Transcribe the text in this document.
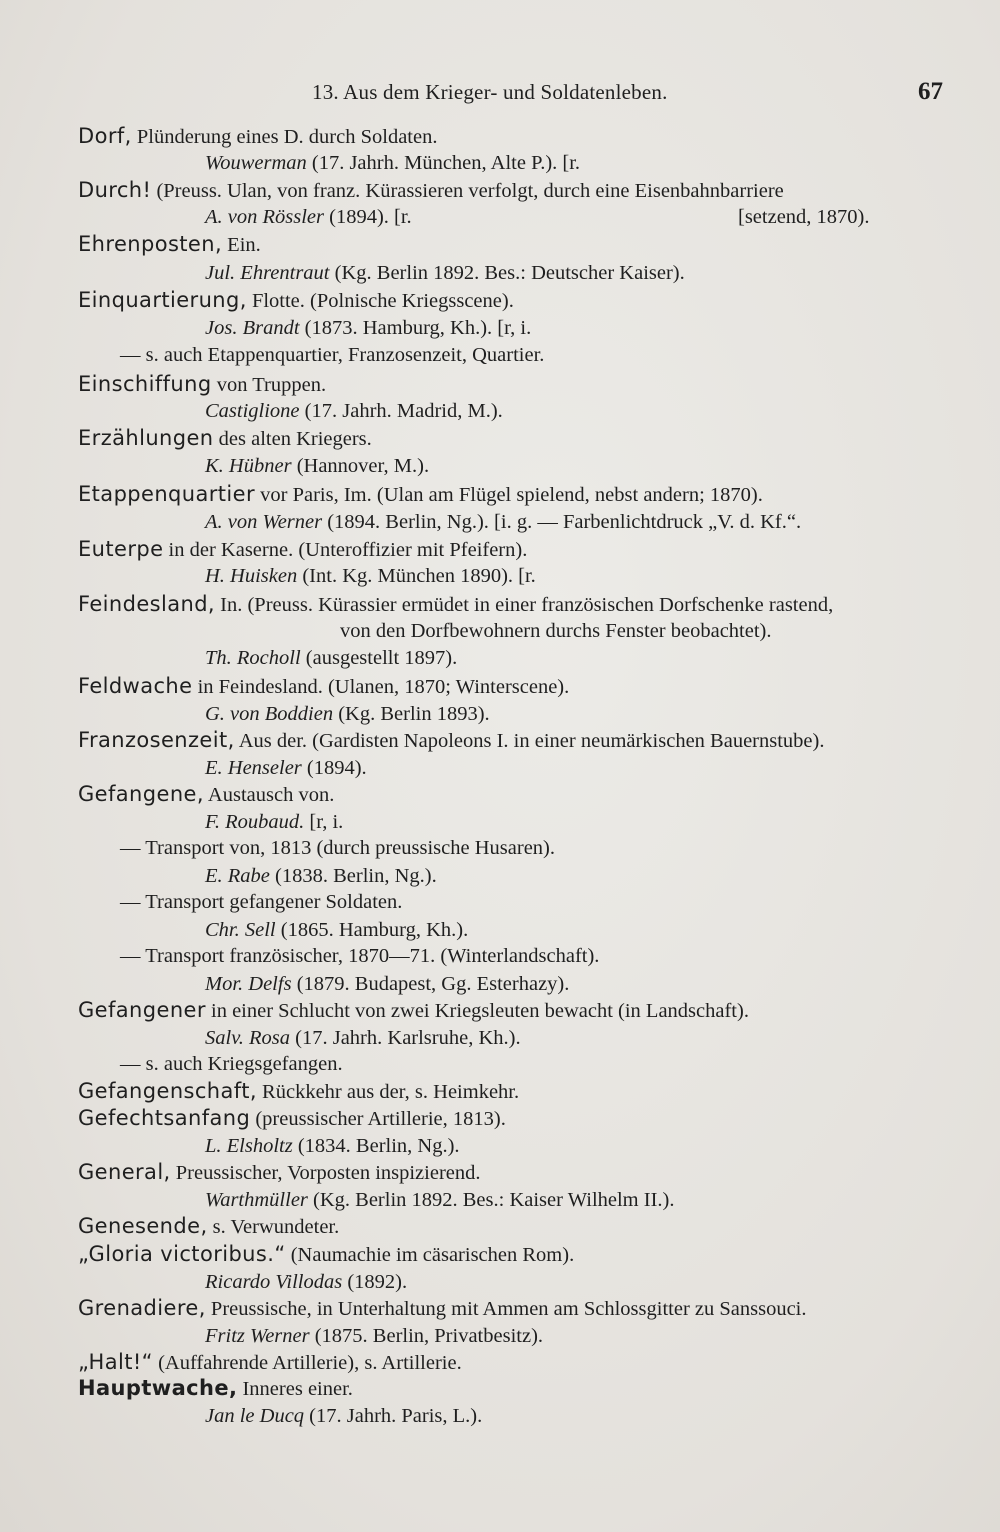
13. Aus dem Krieger- und Soldatenleben.	67
Dorf, Plünderung eines D. durch Soldaten.
Wouwerman (17. Jahrh. München, Alte P.). [r.
Durch! (Preuss. Ulan, von franz. Kürassieren verfolgt, durch eine Eisenbahnbarriere
A. von Rössler (1894). [r.	[setzend, 1870).
Ehrenposten, Ein.
Jul. Ehrentraut (Kg. Berlin 1892. Bes.: Deutscher Kaiser).
Einquartierung, Flotte. (Polnische Kriegsscene).
Jos. Brandt (1873. Hamburg, Kh.). [r, i.
— s. auch Etappenquartier, Franzosenzeit, Quartier.
Einschiffung von Truppen.
Castiglione (17. Jahrh. Madrid, M.).
Erzählungen des alten Kriegers.
K. Hübner (Hannover, M.).
Etappenquartier vor Paris, Im. (Ulan am Flügel spielend, nebst andern; 1870).
A. von Werner (1894. Berlin, Ng.). [i. g. — Farbenlichtdruck „V. d. Kf.“.
Euterpe in der Kaserne. (Unteroffizier mit Pfeifern).
H. Huisken (Int. Kg. München 1890). [r.
Feindesland, In. (Preuss. Kürassier ermüdet in einer französischen Dorfschenke rastend,
von den Dorfbewohnern durchs Fenster beobachtet).
Th. Rocholl (ausgestellt 1897).
Feldwache in Feindesland. (Ulanen, 1870; Winterscene).
G. von Boddien (Kg. Berlin 1893).
Franzosenzeit, Aus der. (Gardisten Napoleons I. in einer neumärkischen Bauernstube).
E. Henseler (1894).
Gefangene, Austausch von.
F. Roubaud. [r, i.
— Transport von, 1813 (durch preussische Husaren).
E. Rabe (1838. Berlin, Ng.).
— Transport gefangener Soldaten.
Chr. Sell (1865. Hamburg, Kh.).
— Transport französischer, 1870—71. (Winterlandschaft).
Mor. Delfs (1879. Budapest, Gg. Esterhazy).
Gefangener in einer Schlucht von zwei Kriegsleuten bewacht (in Landschaft).
Salv. Rosa (17. Jahrh. Karlsruhe, Kh.).
— s. auch Kriegsgefangen.
Gefangenschaft, Rückkehr aus der, s. Heimkehr.
Gefechtsanfang (preussischer Artillerie, 1813).
L. Elsholtz (1834. Berlin, Ng.).
General, Preussischer, Vorposten inspizierend.
Warthmüller (Kg. Berlin 1892. Bes.: Kaiser Wilhelm II.).
Genesende, s. Verwundeter.
„Gloria victoribus.“ (Naumachie im cäsarischen Rom).
Ricardo Villodas (1892).
Grenadiere, Preussische, in Unterhaltung mit Ammen am Schlossgitter zu Sanssouci.
Fritz Werner (1875. Berlin, Privatbesitz).
„Halt!“ (Auffahrende Artillerie), s. Artillerie.
Hauptwache, Inneres einer.
Jan le Ducq (17. Jahrh. Paris, L.).
